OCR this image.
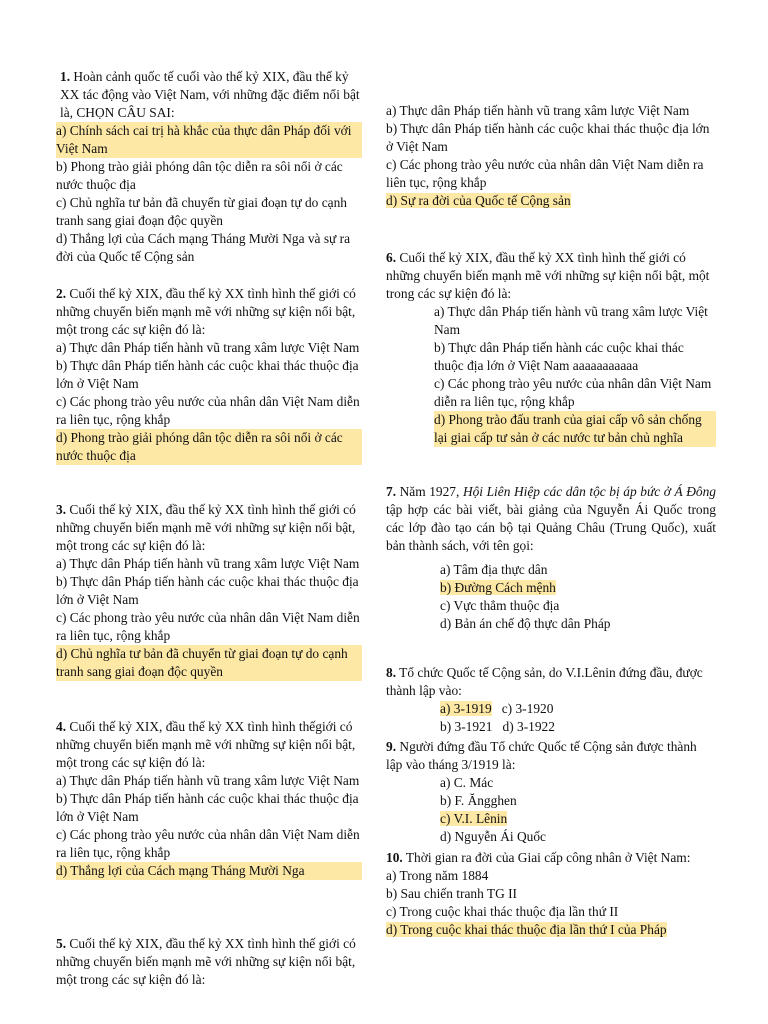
1. Hoàn cảnh quốc tế cuối vào thế kỷ XIX, đầu thế kỷ XX tác động vào Việt Nam, với những đặc điểm nổi bật là, CHỌN CÂU SAI:

a) Chính sách cai trị hà khắc của thực dân Pháp đối với Việt Nam

b) Phong trào giải phóng dân tộc diễn ra sôi nổi ở các nước thuộc địa

c) Chủ nghĩa tư bản đã chuyển từ giai đoạn tự do cạnh tranh sang giai đoạn độc quyền

d) Thắng lợi của Cách mạng Tháng Mười Nga và sự ra đời của Quốc tế Cộng sản

2. Cuối thế kỷ XIX, đầu thế kỷ XX tình hình thế giới có những chuyển biến mạnh mẽ với những sự kiện nổi bật, một trong các sự kiện đó là:

a) Thực dân Pháp tiến hành vũ trang xâm lược Việt Nam

b) Thực dân Pháp tiến hành các cuộc khai thác thuộc địa lớn ở Việt Nam

c) Các phong trào yêu nước của nhân dân Việt Nam diễn ra liên tục, rộng khắp

d) Phong trào giải phóng dân tộc diễn ra sôi nổi ở các nước thuộc địa

3. Cuối thế kỷ XIX, đầu thế kỷ XX tình hình thế giới có những chuyển biến mạnh mẽ với những sự kiện nổi bật, một trong các sự kiện đó là:

a) Thực dân Pháp tiến hành vũ trang xâm lược Việt Nam

b) Thực dân Pháp tiến hành các cuộc khai thác thuộc địa lớn ở Việt Nam

c) Các phong trào yêu nước của nhân dân Việt Nam diễn ra liên tục, rộng khắp

d) Chủ nghĩa tư bản đã chuyển từ giai đoạn tự do cạnh tranh sang giai đoạn độc quyền

4. Cuối thế kỷ XIX, đầu thế kỷ XX tình hình thếgiới có những chuyển biến mạnh mẽ với những sự kiện nổi bật, một trong các sự kiện đó là:

a) Thực dân Pháp tiến hành vũ trang xâm lược Việt Nam

b) Thực dân Pháp tiến hành các cuộc khai thác thuộc địa lớn ở Việt Nam

c) Các phong trào yêu nước của nhân dân Việt Nam diễn ra liên tục, rộng khắp

d) Thắng lợi của Cách mạng Tháng Mười Nga

5. Cuối thế kỷ XIX, đầu thế kỷ XX tình hình thế giới có những chuyển biến mạnh mẽ với những sự kiện nổi bật, một trong các sự kiện đó là:

a) Thực dân Pháp tiến hành vũ trang xâm lược Việt Nam

b) Thực dân Pháp tiến hành các cuộc khai thác thuộc địa lớn ở Việt Nam

c) Các phong trào yêu nước của nhân dân Việt Nam diễn ra liên tục, rộng khắp

d) Sự ra đời của Quốc tế Cộng sản

6. Cuối thế kỷ XIX, đầu thế kỷ XX tình hình thế giới có những chuyển biến mạnh mẽ với những sự kiện nổi bật, một trong các sự kiện đó là:

a) Thực dân Pháp tiến hành vũ trang xâm lược Việt Nam

b) Thực dân Pháp tiến hành các cuộc khai thác thuộc địa lớn ở Việt Nam aaaaaaaaaaa

c) Các phong trào yêu nước của nhân dân Việt Nam diễn ra liên tục, rộng khắp

d) Phong trào đấu tranh của giai cấp vô sản chống lại giai cấp tư sản ở các nước tư bản chủ nghĩa

7. Năm 1927, Hội Liên Hiệp các dân tộc bị áp bức ở Á Đông tập hợp các bài viết, bài giảng của Nguyễn Ái Quốc trong các lớp đào tạo cán bộ tại Quảng Châu (Trung Quốc), xuất bản thành sách, với tên gọi:

a) Tâm địa thực dân

b) Đường Cách mệnh

c) Vực thẳm thuộc địa

d) Bản án chế độ thực dân Pháp

8. Tổ chức Quốc tế Cộng sản, do V.I.Lênin đứng đầu, được thành lập vào:

a) 3-1919 c) 3-1920

b) 3-1921 d) 3-1922

9. Người đứng đầu Tổ chức Quốc tế Cộng sản được thành lập vào tháng 3/1919 là:

a) C. Mác

b) F. Ăngghen

c) V.I. Lênin

d) Nguyễn Ái Quốc

10. Thời gian ra đời của Giai cấp công nhân ở Việt Nam:

a) Trong năm 1884

b) Sau chiến tranh TG II

c) Trong cuộc khai thác thuộc địa lần thứ II

d) Trong cuộc khai thác thuộc địa lần thứ I của Pháp
